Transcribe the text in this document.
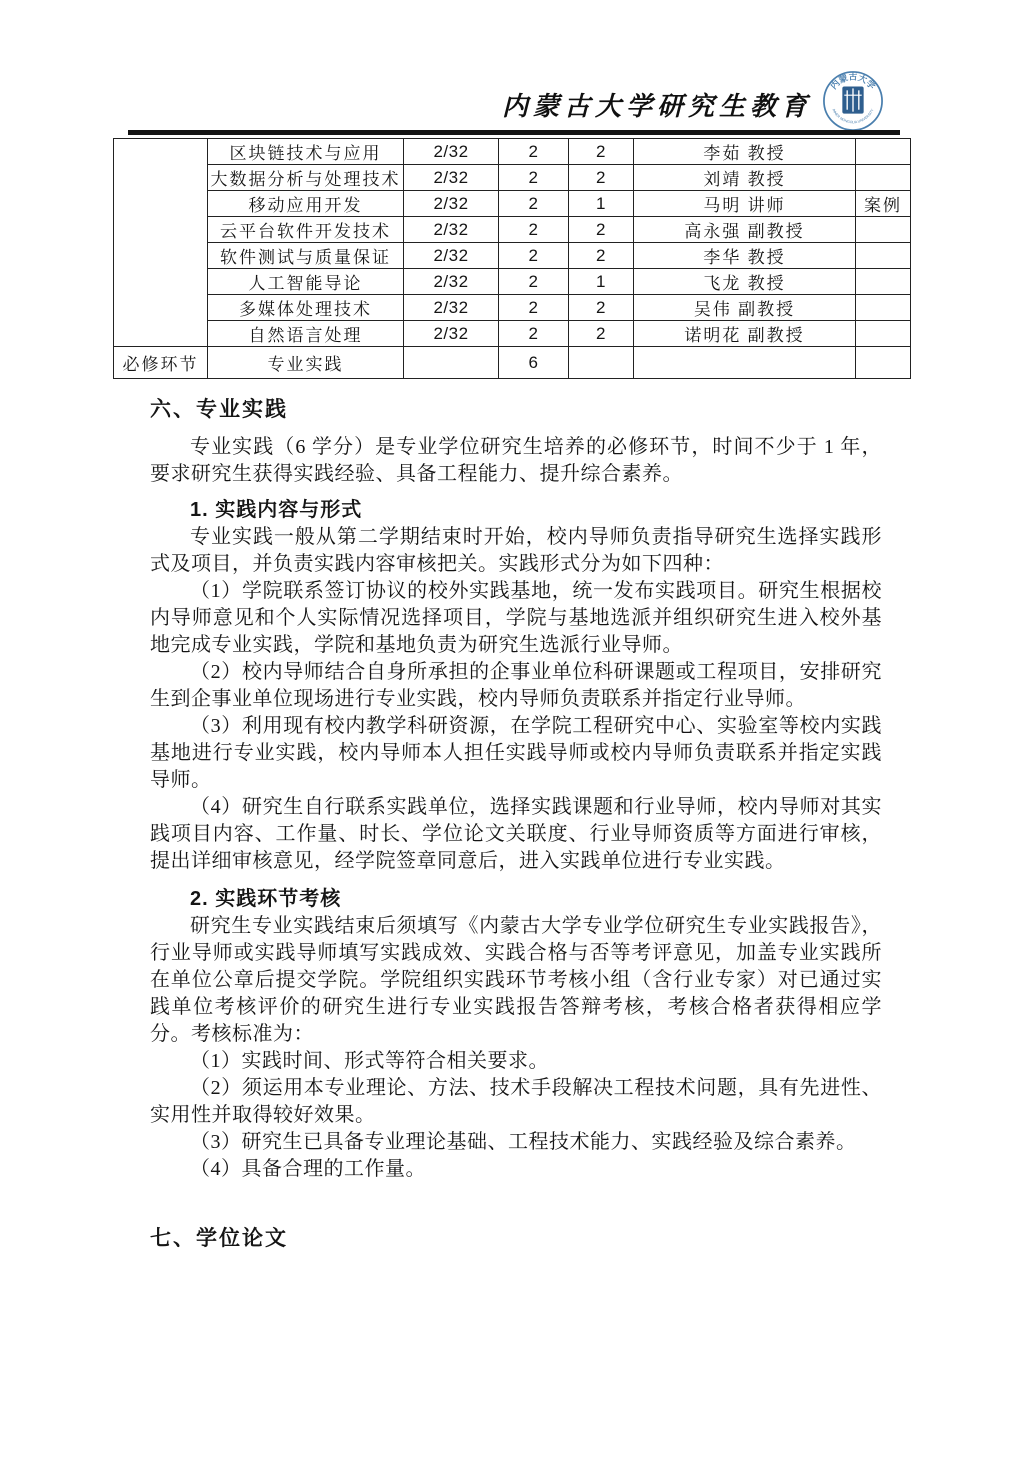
内蒙古大学研究生教育
内蒙古大学
INNER MONGOLIA UNIVERSITY
	区块链技术与应用	2/32	2	2	李茹 教授	
	大数据分析与处理技术	2/32	2	2	刘靖 教授	
	移动应用开发	2/32	2	1	马明 讲师	案例
	云平台软件开发技术	2/32	2	2	高永强 副教授	
	软件测试与质量保证	2/32	2	2	李华 教授	
	人工智能导论	2/32	2	1	飞龙 教授	
	多媒体处理技术	2/32	2	2	吴伟 副教授	
	自然语言处理	2/32	2	2	诺明花 副教授	
必修环节	专业实践		6			
六、专业实践

专业实践（6 学分）是专业学位研究生培养的必修环节，时间不少于 1 年，要求研究生获得实践经验、具备工程能力、提升综合素养。

1. 实践内容与形式

专业实践一般从第二学期结束时开始，校内导师负责指导研究生选择实践形式及项目，并负责实践内容审核把关。实践形式分为如下四种：

（1）学院联系签订协议的校外实践基地，统一发布实践项目。研究生根据校内导师意见和个人实际情况选择项目，学院与基地选派并组织研究生进入校外基地完成专业实践，学院和基地负责为研究生选派行业导师。

（2）校内导师结合自身所承担的企事业单位科研课题或工程项目，安排研究生到企事业单位现场进行专业实践，校内导师负责联系并指定行业导师。

（3）利用现有校内教学科研资源，在学院工程研究中心、实验室等校内实践基地进行专业实践，校内导师本人担任实践导师或校内导师负责联系并指定实践导师。

（4）研究生自行联系实践单位，选择实践课题和行业导师，校内导师对其实践项目内容、工作量、时长、学位论文关联度、行业导师资质等方面进行审核，提出详细审核意见，经学院签章同意后，进入实践单位进行专业实践。

2. 实践环节考核

研究生专业实践结束后须填写《内蒙古大学专业学位研究生专业实践报告》，行业导师或实践导师填写实践成效、实践合格与否等考评意见，加盖专业实践所在单位公章后提交学院。学院组织实践环节考核小组（含行业专家）对已通过实践单位考核评价的研究生进行专业实践报告答辩考核，考核合格者获得相应学分。考核标准为：

（1）实践时间、形式等符合相关要求。

（2）须运用本专业理论、方法、技术手段解决工程技术问题，具有先进性、实用性并取得较好效果。

（3）研究生已具备专业理论基础、工程技术能力、实践经验及综合素养。

（4）具备合理的工作量。

七、学位论文
